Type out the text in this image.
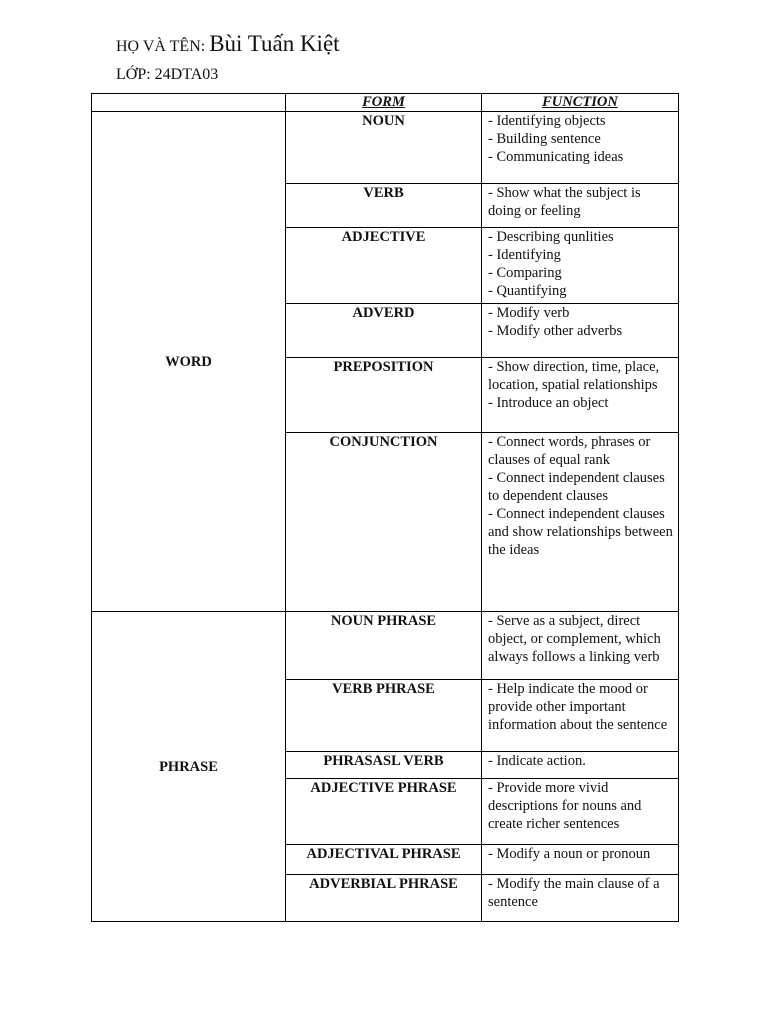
HỌ VÀ TÊN: Bùi Tuấn Kiệt
LỚP: 24DTA03
	FORM	FUNCTION
WORD	NOUN	- Identifying objects
- Building sentence
- Communicating ideas

	VERB	- Show what the subject is doing or feeling

	ADJECTIVE	- Describing qunlities
- Identifying
- Comparing
- Quantifying

	ADVERD	- Modify verb
- Modify other adverbs

	PREPOSITION	- Show direction, time, place, location, spatial relationships
- Introduce an object

	CONJUNCTION	- Connect words, phrases or clauses of equal rank
- Connect independent clauses to dependent clauses
- Connect independent clauses and show relationships between the ideas

PHRASE	NOUN PHRASE	- Serve as a subject, direct object, or complement, which always follows a linking verb

	VERB PHRASE	- Help indicate the mood or provide other important information about the sentence

	PHRASASL VERB	- Indicate action.

	ADJECTIVE PHRASE	- Provide more vivid descriptions for nouns and create richer sentences

	ADJECTIVAL PHRASE	- Modify a noun or pronoun

	ADVERBIAL PHRASE	- Modify the main clause of a sentence
